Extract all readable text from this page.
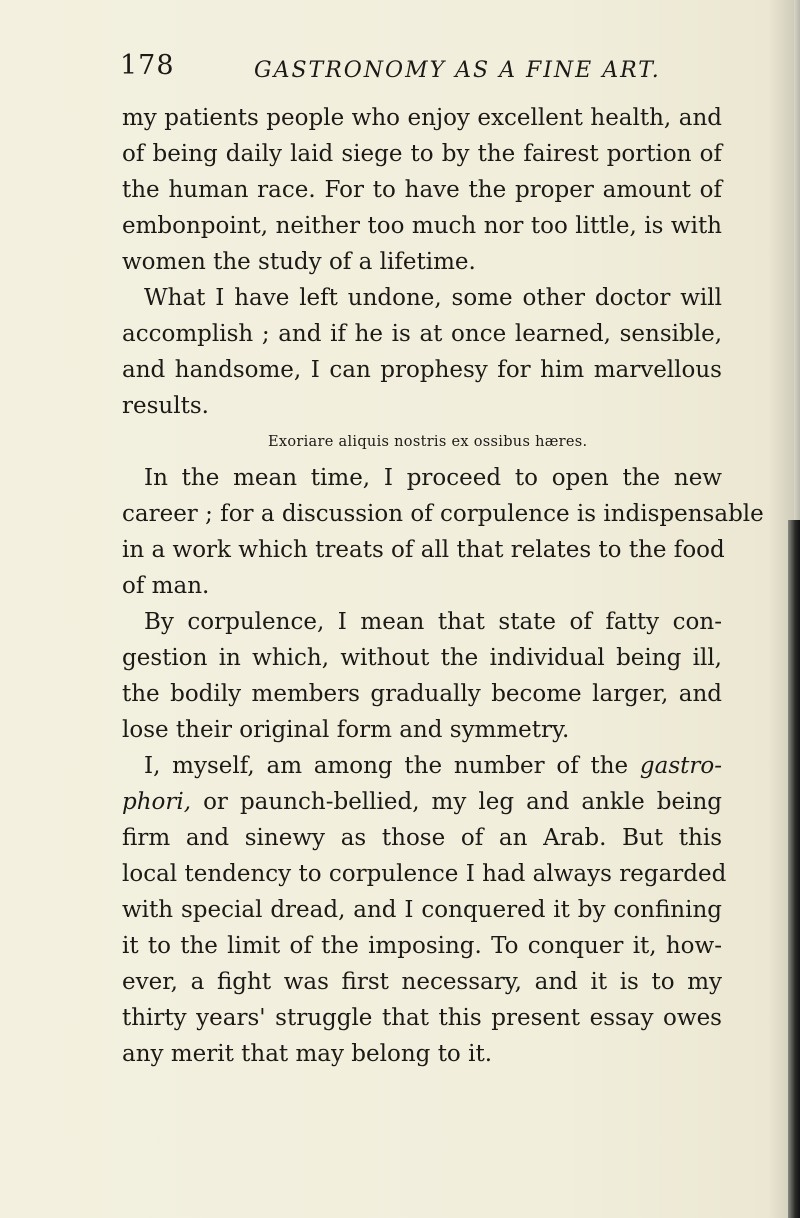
178	GASTRONOMY AS A FINE ART.
my patients people who enjoy excellent health, and
of being daily laid siege to by the fairest portion of
the human race. For to have the proper amount of
embonpoint, neither too much nor too little, is with
women the study of a lifetime.
What I have left undone, some other doctor will
accomplish ; and if he is at once learned, sensible,
and handsome, I can prophesy for him marvellous
results.
Exoriare aliquis nostris ex ossibus hæres.
In the mean time, I proceed to open the new
career ; for a discussion of corpulence is indispensable
in a work which treats of all that relates to the food
of man.
By corpulence, I mean that state of fatty con-
gestion in which, without the individual being ill,
the bodily members gradually become larger, and
lose their original form and symmetry.
I, myself, am among the number of the gastro-
phori, or paunch-bellied, my leg and ankle being
firm and sinewy as those of an Arab. But this
local tendency to corpulence I had always regarded
with special dread, and I conquered it by confining
it to the limit of the imposing. To conquer it, how-
ever, a fight was first necessary, and it is to my
thirty years' struggle that this present essay owes
any merit that may belong to it.
